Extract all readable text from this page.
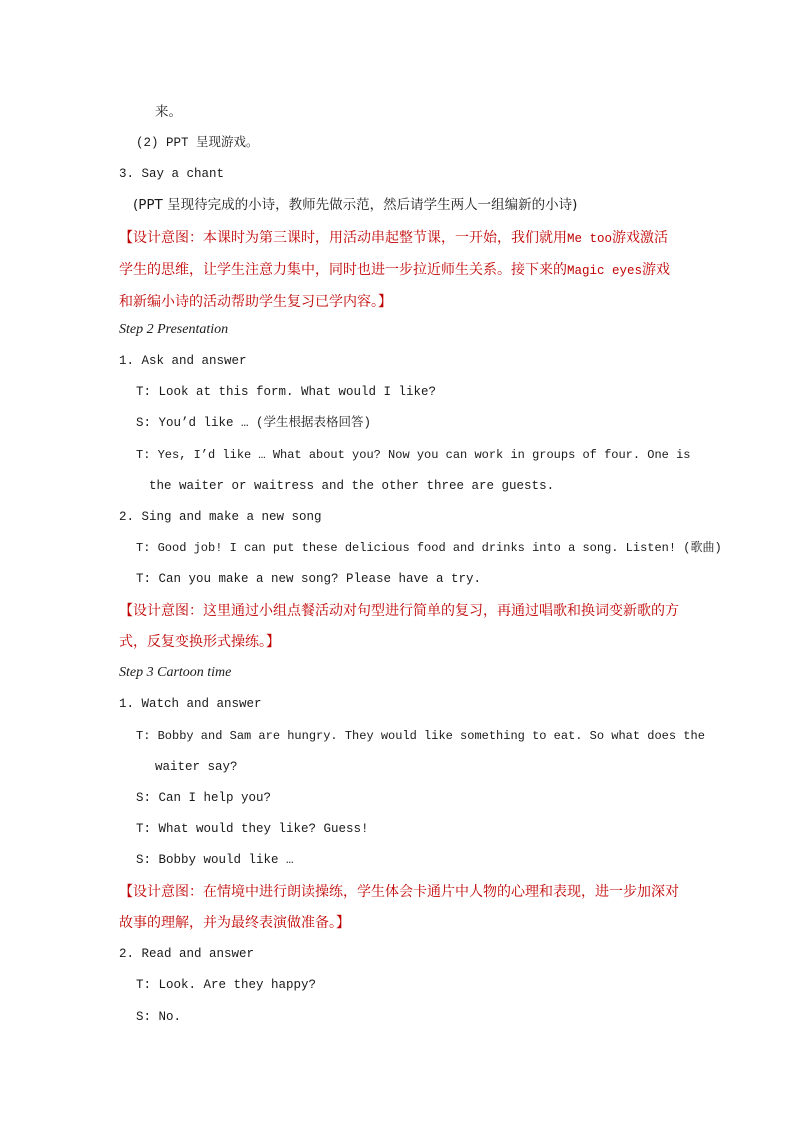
来。
(2) PPT 呈现游戏。
3. Say a chant
(PPT 呈现待完成的小诗，教师先做示范，然后请学生两人一组编新的小诗)
【设计意图：本课时为第三课时，用活动串起整节课，一开始，我们就用Me too游戏激活学生的思维，让学生注意力集中，同时也进一步拉近师生关系。接下来的Magic eyes游戏和新编小诗的活动帮助学生复习已学内容。】
Step 2 Presentation
1. Ask and answer
T: Look at this form. What would I like?
S: You’d like … (学生根据表格回答)
T: Yes, I’d like … What about you? Now you can work in groups of four. One is
the waiter or waitress and the other three are guests.
2. Sing and make a new song
T: Good job! I can put these delicious food and drinks into a song. Listen! (歌曲)
T: Can you make a new song? Please have a try.
【设计意图：这里通过小组点餐活动对句型进行简单的复习，再通过唱歌和换词变新歌的方式，反复变换形式操练。】
Step 3 Cartoon time
1. Watch and answer
T: Bobby and Sam are hungry. They would like something to eat. So what does the
waiter say?
S: Can I help you?
T: What would they like? Guess!
S: Bobby would like …
【设计意图：在情境中进行朗读操练，学生体会卡通片中人物的心理和表现，进一步加深对故事的理解，并为最终表演做准备。】
2. Read and answer
T: Look. Are they happy?
S: No.
